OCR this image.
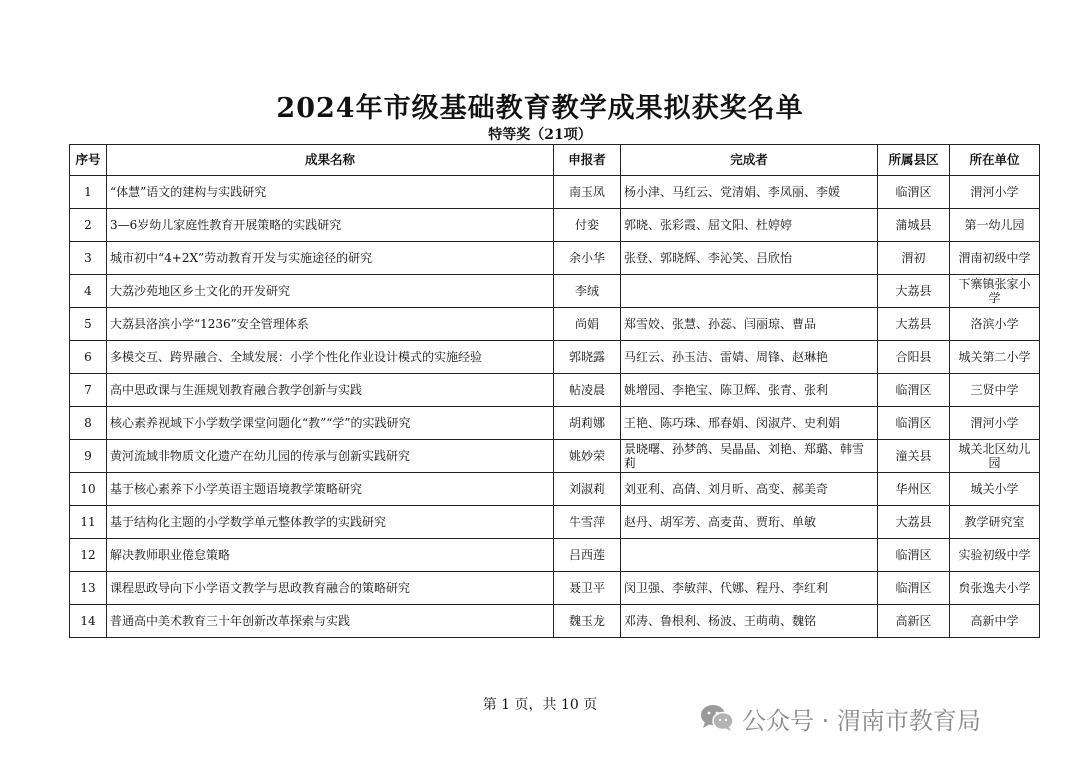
2024年市级基础教育教学成果拟获奖名单
特等奖（21项）
序号	成果名称	申报者	完成者	所属县区	所在单位
1	“体慧”语文的建构与实践研究	南玉凤	杨小津、马红云、党清娟、李凤丽、李媛	临渭区	渭河小学
2	3—6岁幼儿家庭性教育开展策略的实践研究	付娈	郭晓、张彩霞、屈文阳、杜婷婷	蒲城县	第一幼儿园
3	城市初中“4+2X”劳动教育开发与实施途径的研究	余小华	张登、郭晓辉、李沁笑、吕欣怡	渭初	渭南初级中学
4	大荔沙苑地区乡土文化的开发研究	李绒		大荔县	下寨镇张家小学
5	大荔县洛滨小学“1236”安全管理体系	尚娟	郑雪姣、张慧、孙蕊、闫丽琼、曹品	大荔县	洛滨小学
6	多模交互、跨界融合、全域发展：小学个性化作业设计模式的实施经验	郭晓露	马红云、孙玉洁、雷婧、周锋、赵琳艳	合阳县	城关第二小学
7	高中思政课与生涯规划教育融合教学创新与实践	帖凌晨	姚增园、李艳宝、陈卫辉、张青、张利	临渭区	三贤中学
8	核心素养视域下小学数学课堂问题化“教”“学”的实践研究	胡莉娜	王艳、陈巧珠、邢春娟、闵淑芹、史利娟	临渭区	渭河小学
9	黄河流域非物质文化遗产在幼儿园的传承与创新实践研究	姚妙荣	景晓曙、孙梦鸽、吴晶晶、刘艳、郑璐、韩雪莉	潼关县	城关北区幼儿园
10	基于核心素养下小学英语主题语境教学策略研究	刘淑莉	刘亚利、高倩、刘月昕、高变、郝美奇	华州区	城关小学
11	基于结构化主题的小学数学单元整体教学的实践研究	牛雪萍	赵丹、胡军芳、高麦苗、贾珩、单敏	大荔县	教学研究室
12	解决教师职业倦怠策略	吕西莲		临渭区	实验初级中学
13	课程思政导向下小学语文教学与思政教育融合的策略研究	聂卫平	闵卫强、李敏萍、代娜、程丹、李红利	临渭区	贠张逸夫小学
14	普通高中美术教育三十年创新改革探索与实践	魏玉龙	邓涛、鲁根利、杨波、王萌萌、魏铭	高新区	高新中学
第 1 页，共 10 页
公众号 · 渭南市教育局
